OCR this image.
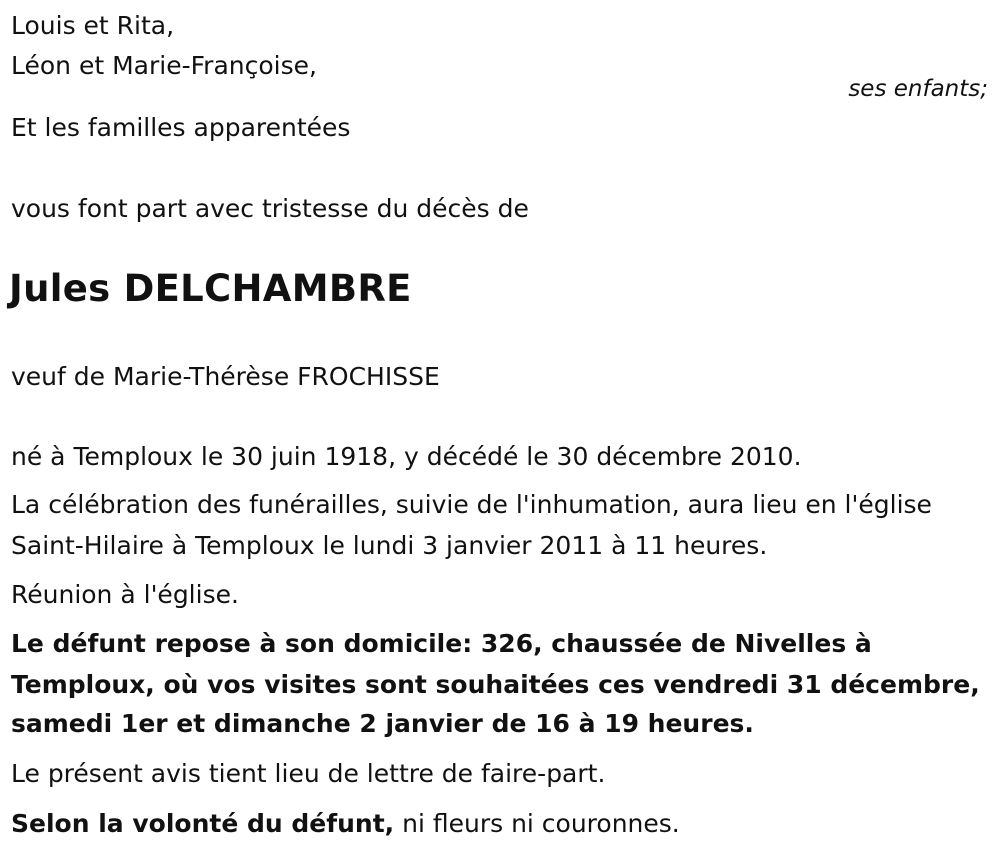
Louis et Rita,
Léon et Marie-Françoise,
ses enfants;
Et les familles apparentées
vous font part avec tristesse du décès de
Jules DELCHAMBRE
veuf de Marie-Thérèse FROCHISSE
né à Temploux le 30 juin 1918, y décédé le 30 décembre 2010.
La célébration des funérailles, suivie de l'inhumation, aura lieu en l'église
Saint-Hilaire à Temploux le lundi 3 janvier 2011 à 11 heures.
Réunion à l'église.
Le défunt repose à son domicile: 326, chaussée de Nivelles à
Temploux, où vos visites sont souhaitées ces vendredi 31 décembre,
samedi 1er et dimanche 2 janvier de 16 à 19 heures.
Le présent avis tient lieu de lettre de faire-part.
Selon la volonté du défunt, ni fleurs ni couronnes.
